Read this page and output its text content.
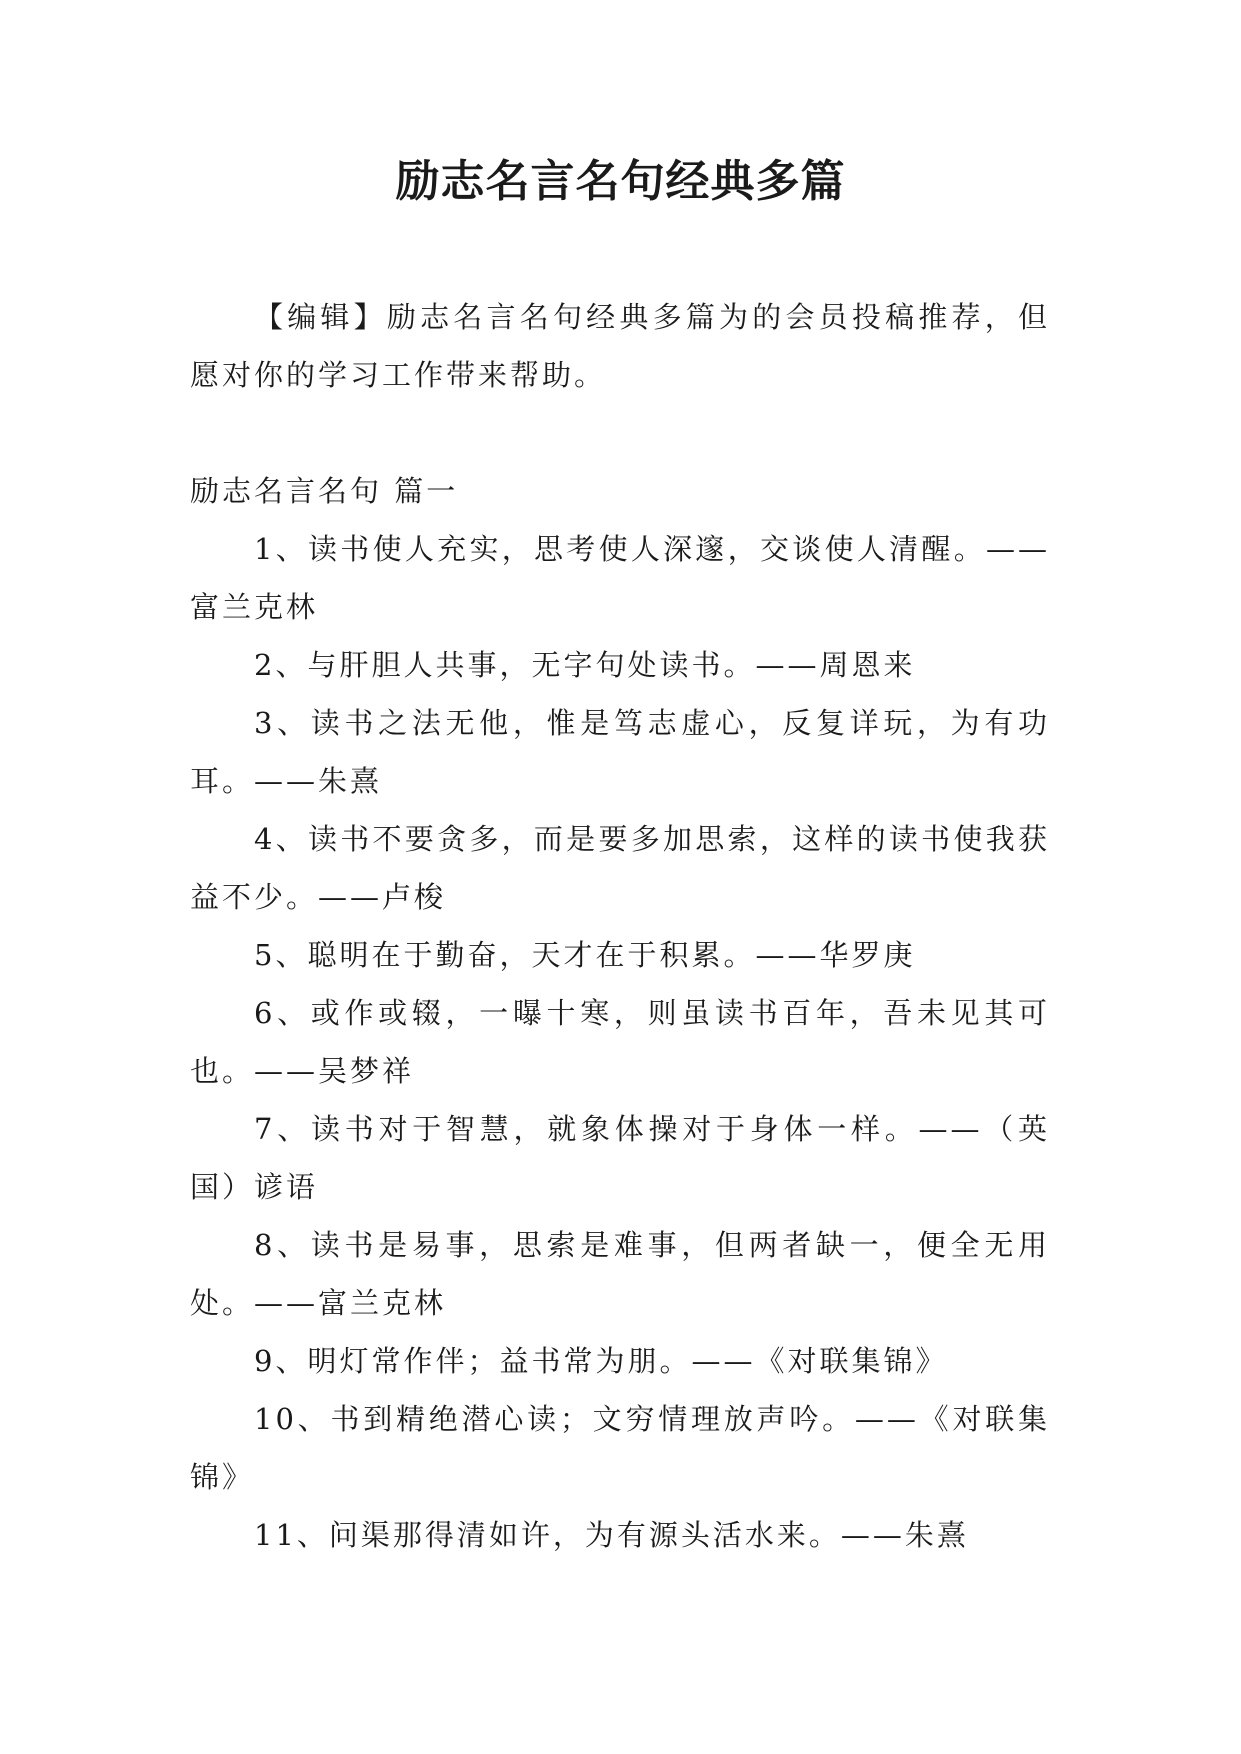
励志名言名句经典多篇

【编辑】励志名言名句经典多篇为的会员投稿推荐，但愿对你的学习工作带来帮助。

励志名言名句 篇一

1、读书使人充实，思考使人深邃，交谈使人清醒。——富兰克林

2、与肝胆人共事，无字句处读书。——周恩来

3、读书之法无他，惟是笃志虚心，反复详玩，为有功耳。——朱熹

4、读书不要贪多，而是要多加思索，这样的读书使我获益不少。——卢梭

5、聪明在于勤奋，天才在于积累。——华罗庚

6、或作或辍，一曝十寒，则虽读书百年，吾未见其可也。——吴梦祥

7、读书对于智慧，就象体操对于身体一样。——（英国）谚语

8、读书是易事，思索是难事，但两者缺一，便全无用处。——富兰克林

9、明灯常作伴；益书常为朋。——《对联集锦》

10、书到精绝潜心读；文穷情理放声吟。——《对联集锦》

11、问渠那得清如许，为有源头活水来。——朱熹
